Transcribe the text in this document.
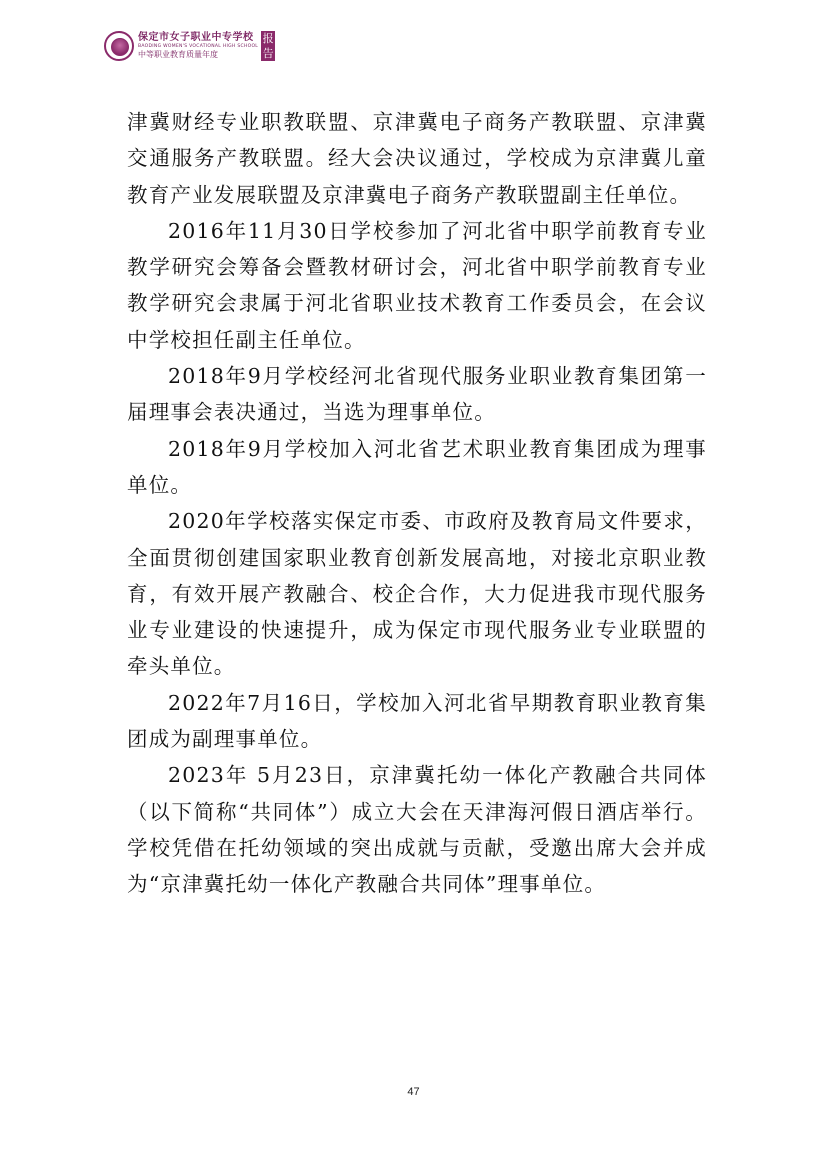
保定市女子职业中专学校
BAODING WOMEN'S VOCATIONAL HIGH SCHOOL
中等职业教育质量年度
报告

津冀财经专业职教联盟、京津冀电子商务产教联盟、京津冀交通服务产教联盟。经大会决议通过，学校成为京津冀儿童教育产业发展联盟及京津冀电子商务产教联盟副主任单位。

2016年11月30日学校参加了河北省中职学前教育专业教学研究会筹备会暨教材研讨会，河北省中职学前教育专业教学研究会隶属于河北省职业技术教育工作委员会，在会议中学校担任副主任单位。

2018年9月学校经河北省现代服务业职业教育集团第一届理事会表决通过，当选为理事单位。

2018年9月学校加入河北省艺术职业教育集团成为理事单位。

2020年学校落实保定市委、市政府及教育局文件要求，全面贯彻创建国家职业教育创新发展高地，对接北京职业教育，有效开展产教融合、校企合作，大力促进我市现代服务业专业建设的快速提升，成为保定市现代服务业专业联盟的牵头单位。

2022年7月16日，学校加入河北省早期教育职业教育集团成为副理事单位。

2023年 5月23日，京津冀托幼一体化产教融合共同体（以下简称“共同体”）成立大会在天津海河假日酒店举行。学校凭借在托幼领域的突出成就与贡献，受邀出席大会并成为“京津冀托幼一体化产教融合共同体”理事单位。

47
